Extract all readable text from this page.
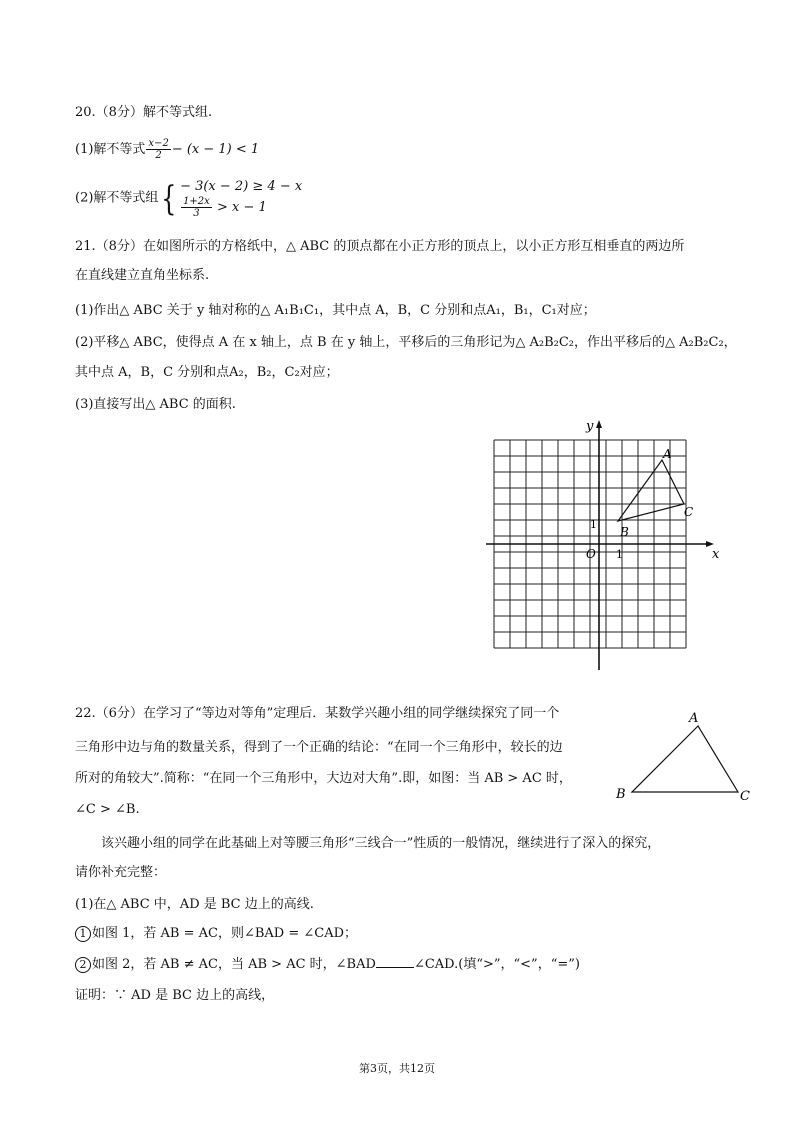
20.（8分）解不等式组.
(1)解不等式 $\frac{x-2}{2} - (x - 1) < 1$
(2)解不等式组{ − 3(x − 2) ≥ 4 − x

$\frac{1+2x}{3} > x - 1$
21.（8分）在如图所示的方格纸中，△ ABC 的顶点都在小正方形的顶点上，以小正方形互相垂直的两边所
在直线建立直角坐标系.
(1)作出△ ABC 关于 y 轴对称的△ A₁B₁C₁，其中点 A，B，C 分别和点A₁，B₁，C₁对应；
(2)平移△ ABC，使得点 A 在 x 轴上，点 B 在 y 轴上，平移后的三角形记为△ A₂B₂C₂，作出平移后的△ A₂B₂C₂，
其中点 A，B，C 分别和点A₂，B₂，C₂对应；
(3)直接写出△ ABC 的面积.
y
x
O 1
1
A
B
C
22.（6分）在学习了“等边对等角”定理后．某数学兴趣小组的同学继续探究了同一个
三角形中边与角的数量关系，得到了一个正确的结论：“在同一个三角形中，较长的边
所对的角较大”.简称：“在同一个三角形中，大边对大角”.即，如图：当 AB > AC 时，
∠C > ∠B.
A
B	C
该兴趣小组的同学在此基础上对等腰三角形“三线合一”性质的一般情况，继续进行了深入的探究，
请你补充完整：
(1)在△ ABC 中，AD 是 BC 边上的高线.
1 如图 1，若 AB = AC，则∠BAD = ∠CAD；
2 如图 2，若 AB ≠ AC，当 AB > AC 时，∠BAD	∠CAD.(填“>”，“<”，“=”)
证明：∵ AD 是 BC 边上的高线，
第3页，共12页
